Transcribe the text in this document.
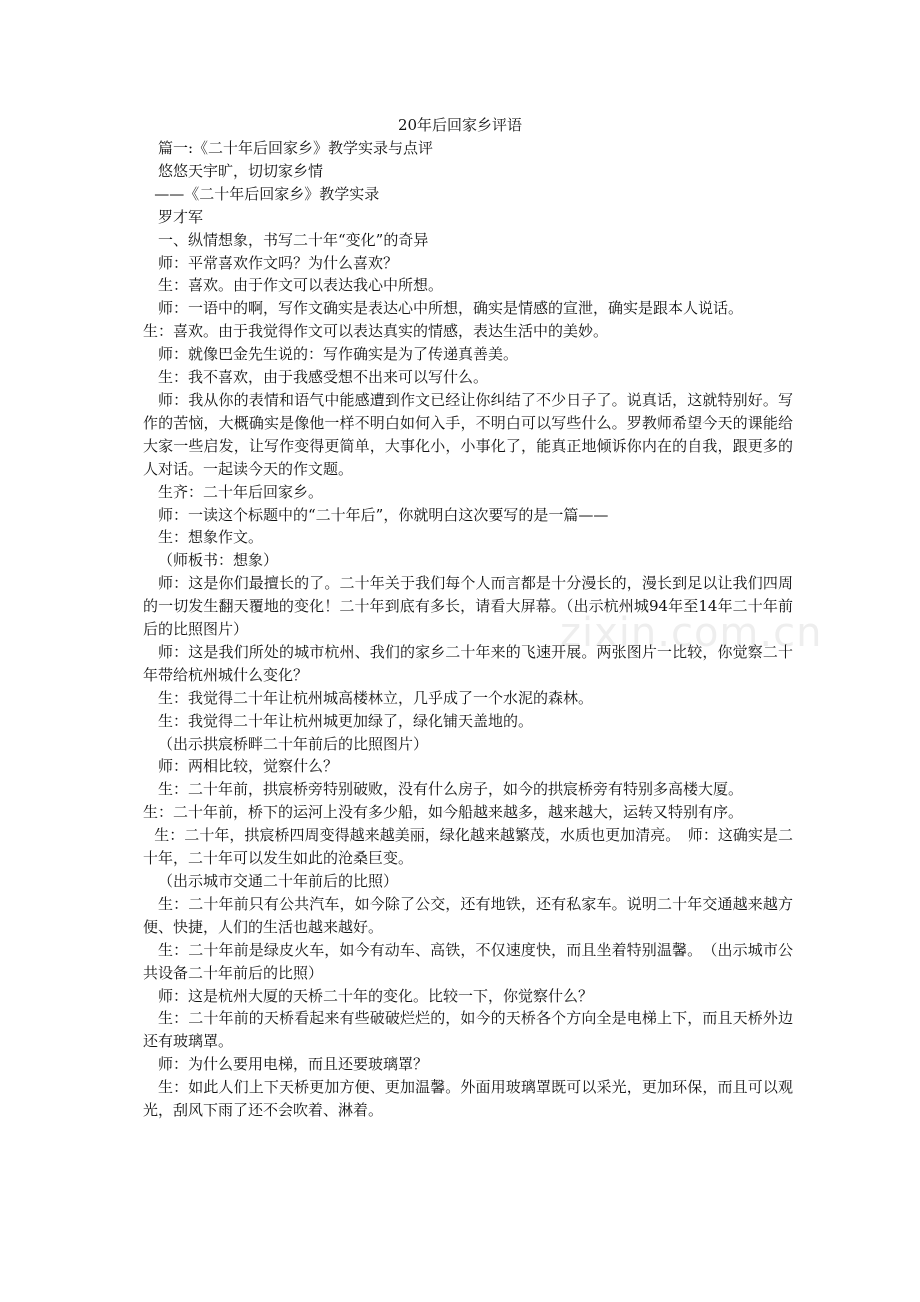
zixin.com.cn
20年后回家乡评语

篇一:《二十年后回家乡》教学实录与点评

悠悠天宇旷，切切家乡情

——《二十年后回家乡》教学实录

罗才军

一、纵情想象，书写二十年“变化”的奇异

师：平常喜欢作文吗？为什么喜欢？

生：喜欢。由于作文可以表达我心中所想。

师：一语中的啊，写作文确实是表达心中所想，确实是情感的宣泄，确实是跟本人说话。

生：喜欢。由于我觉得作文可以表达真实的情感，表达生活中的美妙。

师：就像巴金先生说的：写作确实是为了传递真善美。

生：我不喜欢，由于我感受想不出来可以写什么。

师：我从你的表情和语气中能感遭到作文已经让你纠结了不少日子了。说真话，这就特别好。写作的苦恼，大概确实是像他一样不明白如何入手，不明白可以写些什么。罗教师希望今天的课能给大家一些启发，让写作变得更简单，大事化小，小事化了，能真正地倾诉你内在的自我，跟更多的人对话。一起读今天的作文题。

生齐：二十年后回家乡。

师：一读这个标题中的“二十年后”，你就明白这次要写的是一篇——

生：想象作文。

（师板书：想象）

师：这是你们最擅长的了。二十年关于我们每个人而言都是十分漫长的，漫长到足以让我们四周的一切发生翻天覆地的变化！二十年到底有多长，请看大屏幕。（出示杭州城94年至14年二十年前后的比照图片）

师：这是我们所处的城市杭州、我们的家乡二十年来的飞速开展。两张图片一比较，你觉察二十年带给杭州城什么变化？

生：我觉得二十年让杭州城高楼林立，几乎成了一个水泥的森林。

生：我觉得二十年让杭州城更加绿了，绿化铺天盖地的。

（出示拱宸桥畔二十年前后的比照图片）

师：两相比较，觉察什么？

生：二十年前，拱宸桥旁特别破败，没有什么房子，如今的拱宸桥旁有特别多高楼大厦。

生：二十年前，桥下的运河上没有多少船，如今船越来越多，越来越大，运转又特别有序。

生：二十年，拱宸桥四周变得越来越美丽，绿化越来越繁茂，水质也更加清亮。　师：这确实是二十年，二十年可以发生如此的沧桑巨变。

（出示城市交通二十年前后的比照）

生：二十年前只有公共汽车，如今除了公交，还有地铁，还有私家车。说明二十年交通越来越方便、快捷，人们的生活也越来越好。

生：二十年前是绿皮火车，如今有动车、高铁，不仅速度快，而且坐着特别温馨。　（出示城市公共设备二十年前后的比照）

师：这是杭州大厦的天桥二十年的变化。比较一下，你觉察什么？

生：二十年前的天桥看起来有些破破烂烂的，如今的天桥各个方向全是电梯上下，而且天桥外边还有玻璃罩。

师：为什么要用电梯，而且还要玻璃罩？

生：如此人们上下天桥更加方便、更加温馨。外面用玻璃罩既可以采光，更加环保，而且可以观光，刮风下雨了还不会吹着、淋着。
